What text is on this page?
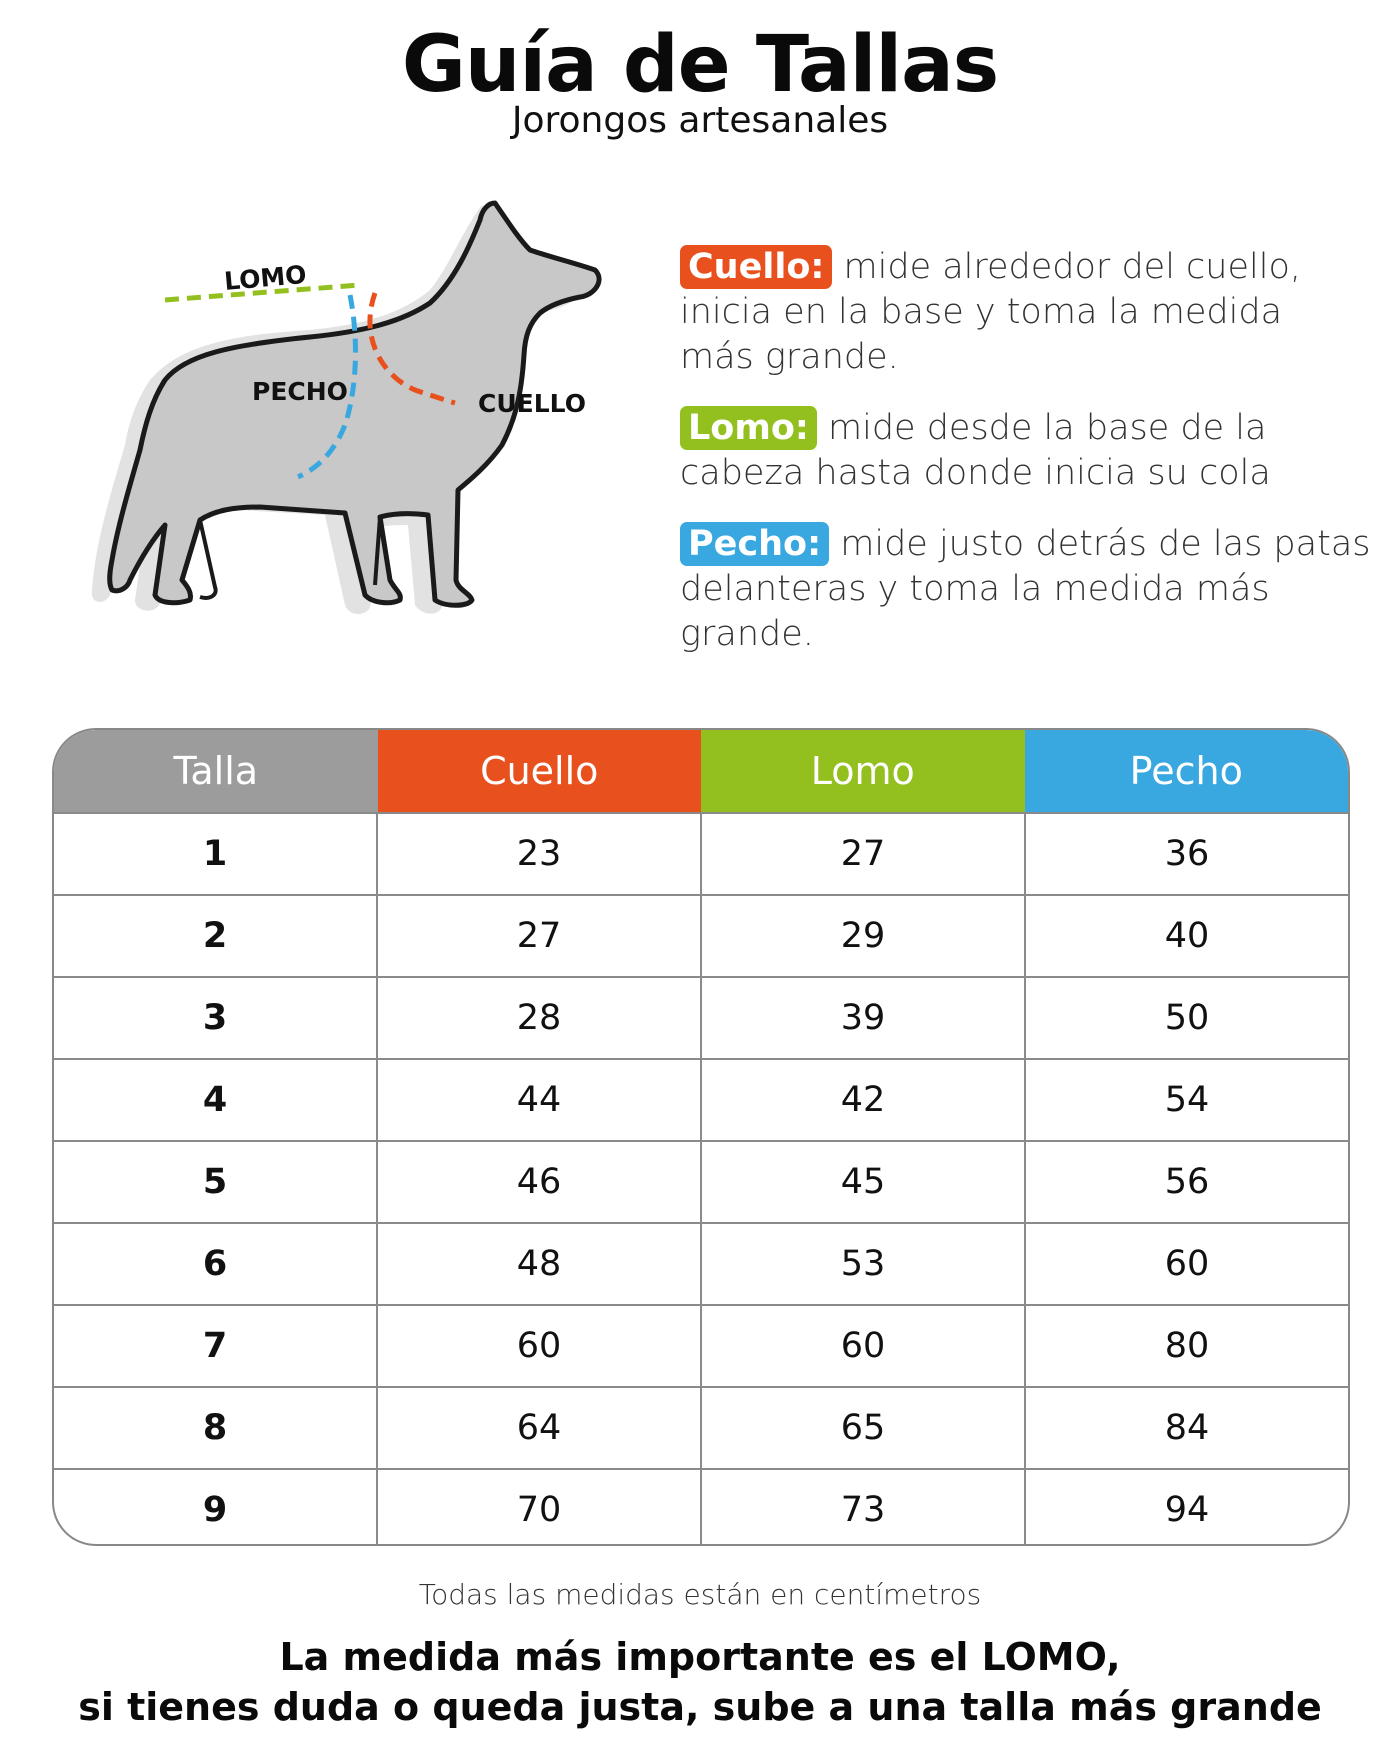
Guía de Tallas
Jorongos artesanales
LOMO
PECHO	CUELLO
Cuello: mide alrededor del cuello,
inicia en la base y toma la medida
más grande.
Lomo: mide desde la base de la
cabeza hasta donde inicia su cola
Pecho: mide justo detrás de las patas
delanteras y toma la medida más
grande.
Talla	Cuello	Lomo	Pecho
1	23	27	36
2	27	29	40
3	28	39	50
4	44	42	54
5	46	45	56
6	48	53	60
7	60	60	80
8	64	65	84
9	70	73	94
Todas las medidas están en centímetros
La medida más importante es el LOMO,
si tienes duda o queda justa, sube a una talla más grande
